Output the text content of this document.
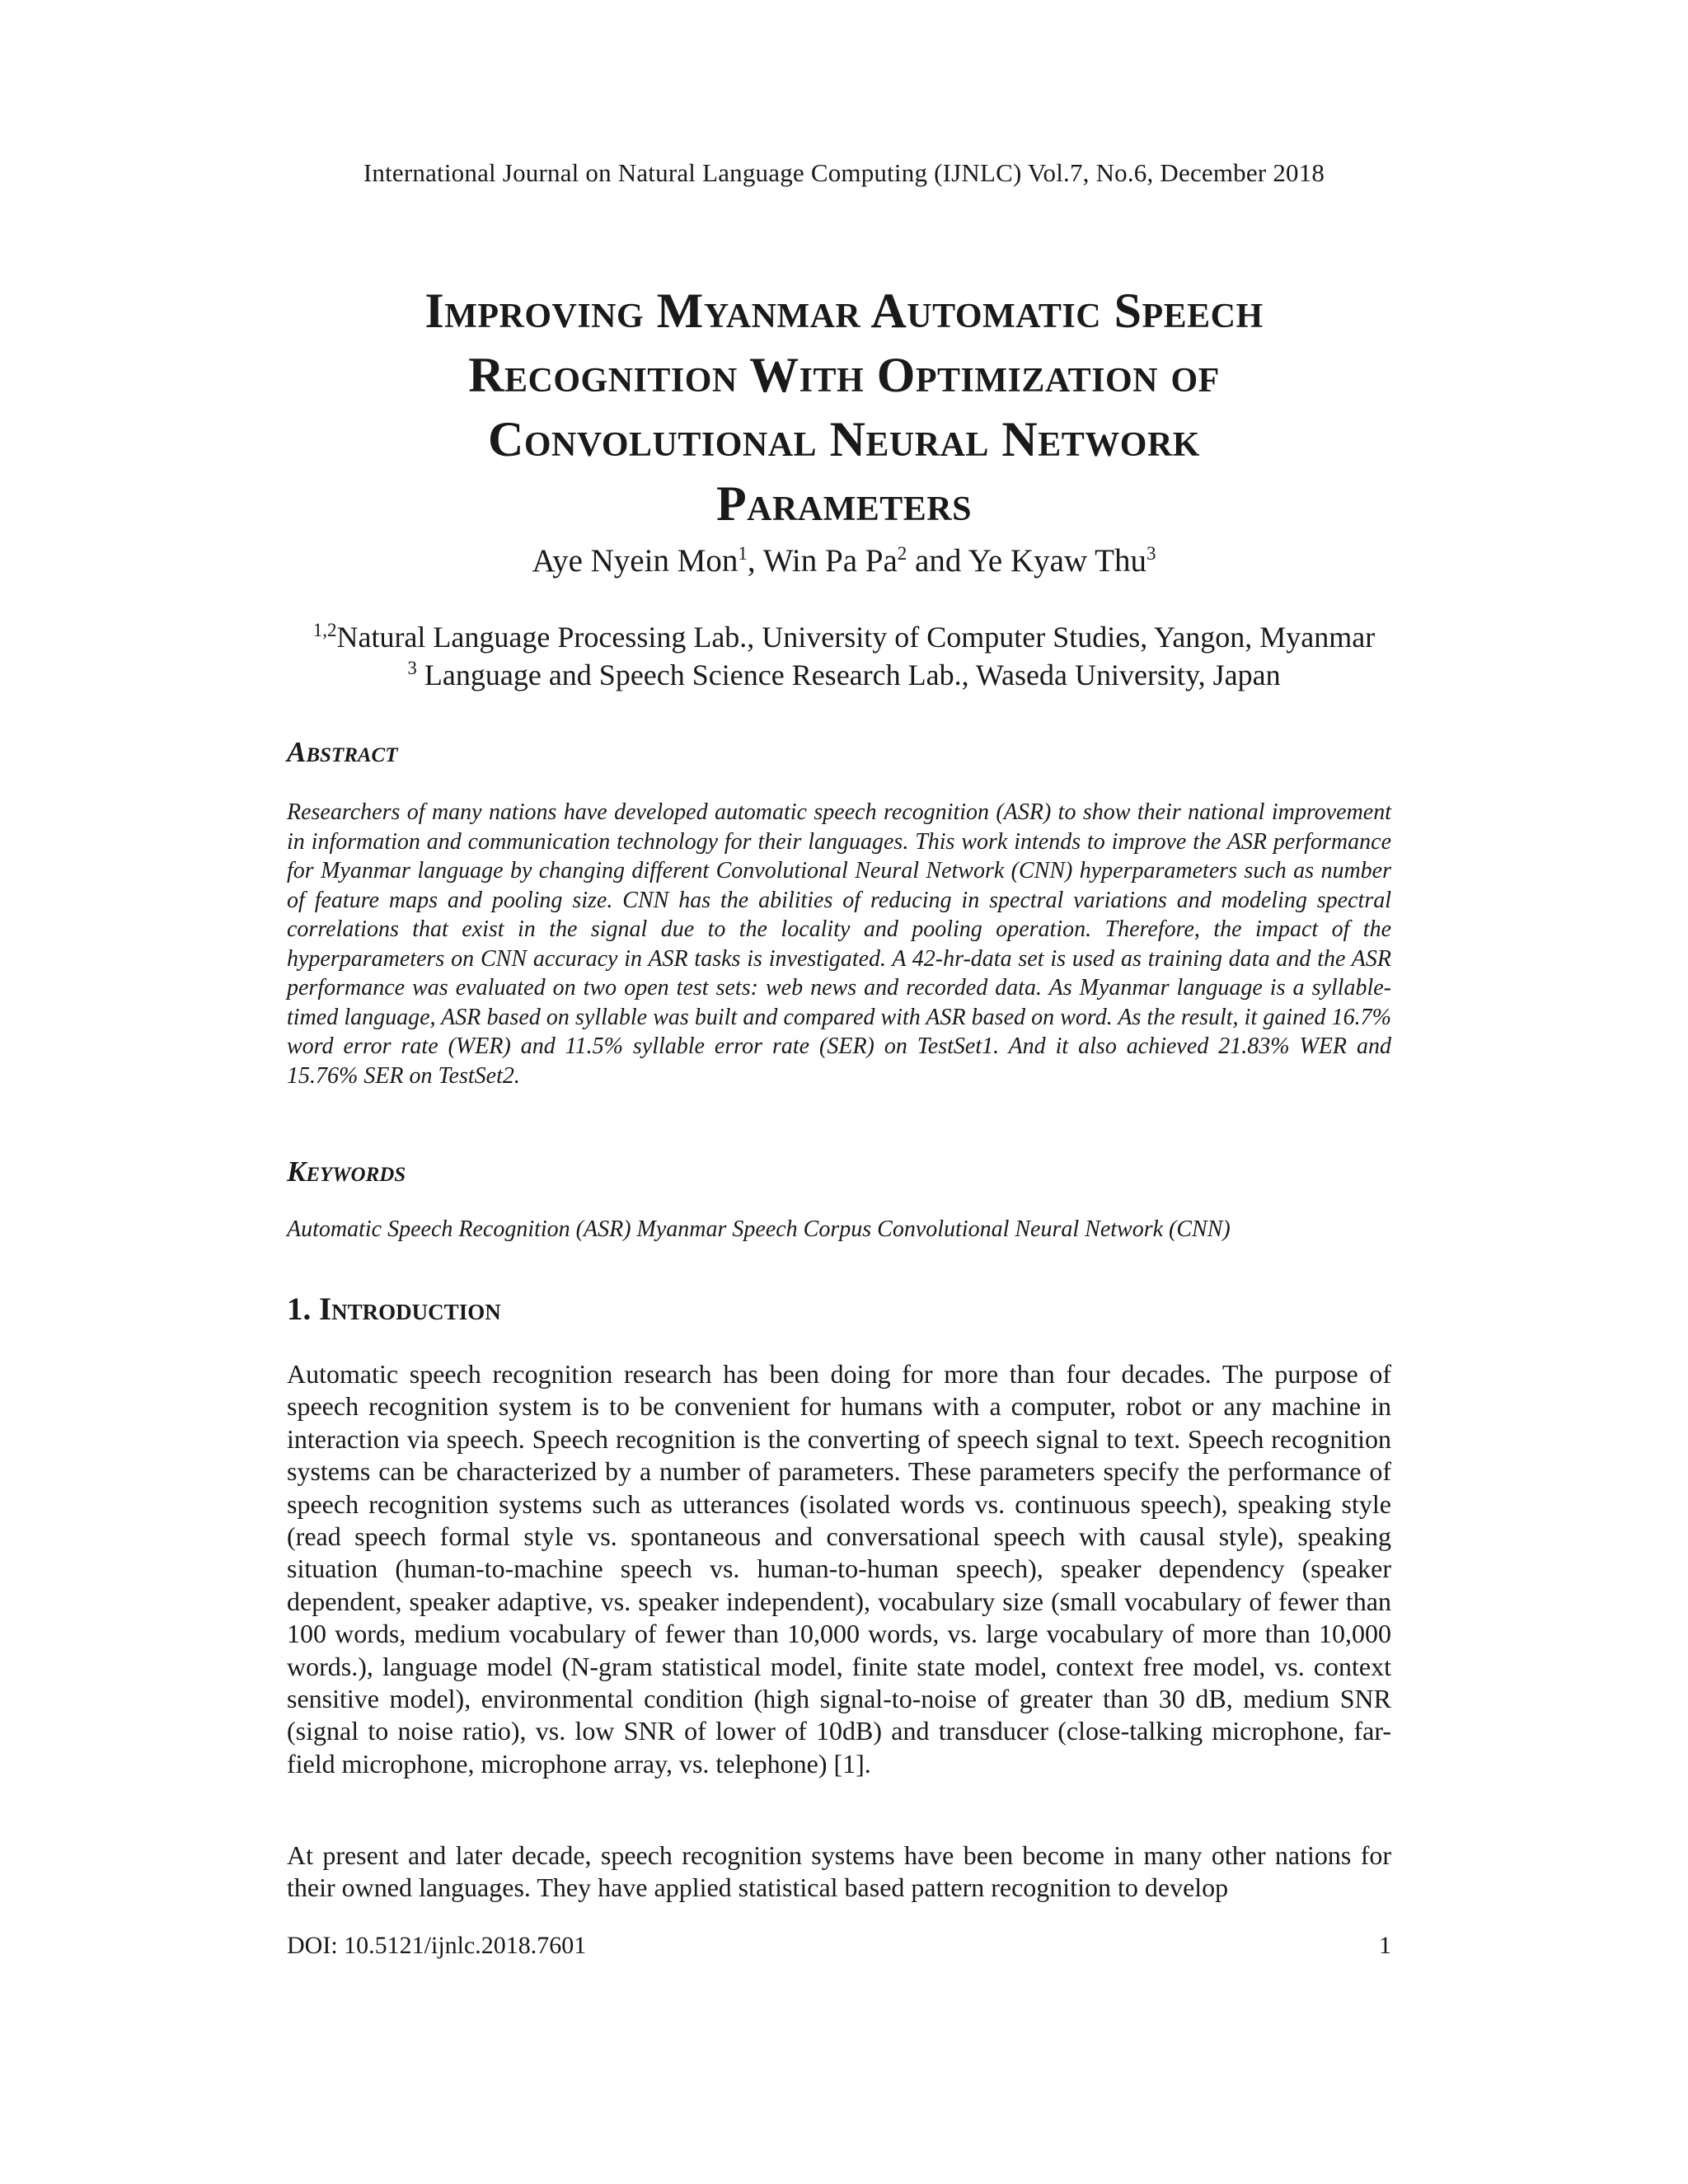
International Journal on Natural Language Computing (IJNLC) Vol.7, No.6, December 2018
Improving Myanmar Automatic Speech
Recognition With Optimization of
Convolutional Neural Network
Parameters
Aye Nyein Mon$^1$, Win Pa Pa$^2$ and Ye Kyaw Thu$^3$
$^{1,2}$Natural Language Processing Lab., University of Computer Studies, Yangon, Myanmar
$^3$ Language and Speech Science Research Lab., Waseda University, Japan
Abstract

Researchers of many nations have developed automatic speech recognition (ASR) to show their national improvement in information and communication technology for their languages. This work intends to improve the ASR performance for Myanmar language by changing different Convolutional Neural Network (CNN) hyperparameters such as number of feature maps and pooling size. CNN has the abilities of reducing in spectral variations and modeling spectral correlations that exist in the signal due to the locality and pooling operation. Therefore, the impact of the hyperparameters on CNN accuracy in ASR tasks is investigated. A 42-hr-data set is used as training data and the ASR performance was evaluated on two open test sets: web news and recorded data. As Myanmar language is a syllable-timed language, ASR based on syllable was built and compared with ASR based on word. As the result, it gained 16.7% word error rate (WER) and 11.5% syllable error rate (SER) on TestSet1. And it also achieved 21.83% WER and 15.76% SER on TestSet2.

Keywords

Automatic Speech Recognition (ASR) Myanmar Speech Corpus Convolutional Neural Network (CNN)

1. Introduction

Automatic speech recognition research has been doing for more than four decades. The purpose of speech recognition system is to be convenient for humans with a computer, robot or any machine in interaction via speech. Speech recognition is the converting of speech signal to text. Speech recognition systems can be characterized by a number of parameters. These parameters specify the performance of speech recognition systems such as utterances (isolated words vs. continuous speech), speaking style (read speech formal style vs. spontaneous and conversational speech with causal style), speaking situation (human-to-machine speech vs. human-to-human speech), speaker dependency (speaker dependent, speaker adaptive, vs. speaker independent), vocabulary size (small vocabulary of fewer than 100 words, medium vocabulary of fewer than 10,000 words, vs. large vocabulary of more than 10,000 words.), language model (N-gram statistical model, finite state model, context free model, vs. context sensitive model), environmental condition (high signal-to-noise of greater than 30 dB, medium SNR (signal to noise ratio), vs. low SNR of lower of 10dB) and transducer (close-talking microphone, far-field microphone, microphone array, vs. telephone) [1].

At present and later decade, speech recognition systems have been become in many other nations for their owned languages. They have applied statistical based pattern recognition to develop

DOI: 10.5121/ijnlc.2018.7601	1
